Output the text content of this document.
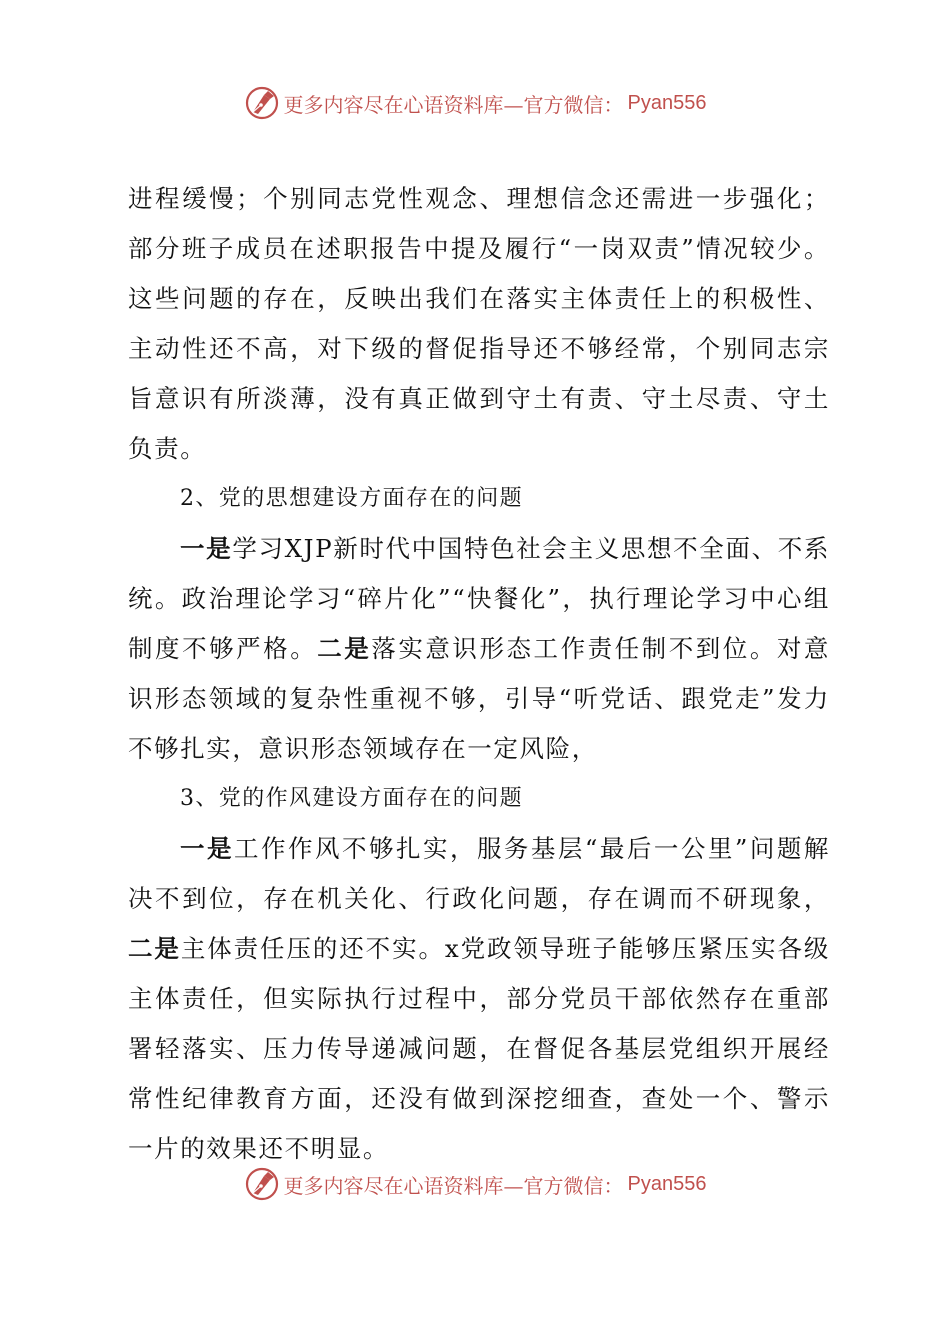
更多内容尽在心语资料库—官方微信： Pyan556

进程缓慢；个别同志党性观念、理想信念还需进一步强化；部分班子成员在述职报告中提及履行“一岗双责”情况较少。这些问题的存在，反映出我们在落实主体责任上的积极性、主动性还不高，对下级的督促指导还不够经常，个别同志宗旨意识有所淡薄，没有真正做到守土有责、守土尽责、守土负责。

2、党的思想建设方面存在的问题

一是学习XJP新时代中国特色社会主义思想不全面、不系统。政治理论学习“碎片化”“快餐化”，执行理论学习中心组制度不够严格。二是落实意识形态工作责任制不到位。对意识形态领域的复杂性重视不够，引导“听党话、跟党走”发力不够扎实，意识形态领域存在一定风险，

3、党的作风建设方面存在的问题

一是工作作风不够扎实，服务基层“最后一公里”问题解决不到位，存在机关化、行政化问题，存在调而不研现象，二是主体责任压的还不实。x党政领导班子能够压紧压实各级主体责任，但实际执行过程中，部分党员干部依然存在重部署轻落实、压力传导递减问题，在督促各基层党组织开展经常性纪律教育方面，还没有做到深挖细查，查处一个、警示一片的效果还不明显。

更多内容尽在心语资料库—官方微信： Pyan556
